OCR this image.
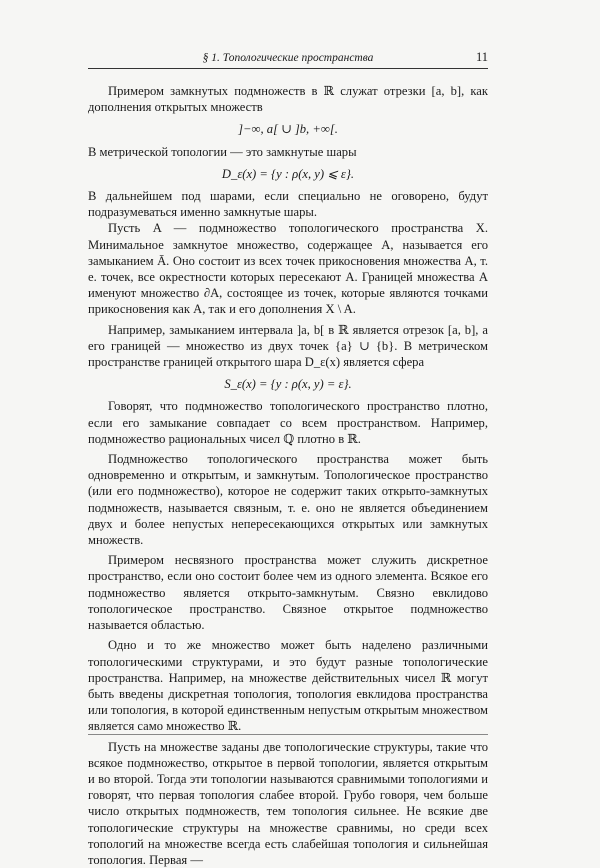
§ 1. Топологические пространства	11

Примером замкнутых подмножеств в ℝ служат отрезки [a, b], как дополнения открытых множеств

]−∞, a[ ∪ ]b, +∞[.

В метрической топологии — это замкнутые шары

D_ε(x) = {y : ρ(x, y) ⩽ ε}.

В дальнейшем под шарами, если специально не оговорено, будут подразумеваться именно замкнутые шары.

Пусть A — подмножество топологического пространства X. Минимальное замкнутое множество, содержащее A, называется его замыканием Ā. Оно состоит из всех точек прикосновения множества A, т. е. точек, все окрестности которых пересекают A. Границей множества A именуют множество ∂A, состоящее из точек, которые являются точками прикосновения как A, так и его дополнения X \ A.

Например, замыканием интервала ]a, b[ в ℝ является отрезок [a, b], а его границей — множество из двух точек {a} ∪ {b}. В метрическом пространстве границей открытого шара D_ε(x) является сфера

S_ε(x) = {y : ρ(x, y) = ε}.

Говорят, что подмножество топологического пространство плотно, если его замыкание совпадает со всем пространством. Например, подмножество рациональных чисел ℚ плотно в ℝ.

Подмножество топологического пространства может быть одновременно и открытым, и замкнутым. Топологическое пространство (или его подмножество), которое не содержит таких открыто-замкнутых подмножеств, называется связным, т. е. оно не является объединением двух и более непустых непересекающихся открытых или замкнутых множеств.

Примером несвязного пространства может служить дискретное пространство, если оно состоит более чем из одного элемента. Всякое его подмножество является открыто-замкнутым. Связно евклидово топологическое пространство. Связное открытое подмножество называется областью.

Одно и то же множество может быть наделено различными топологическими структурами, и это будут разные топологические пространства. Например, на множестве действительных чисел ℝ могут быть введены дискретная топология, топология евклидова пространства или топология, в которой единственным непустым открытым множеством является само множество ℝ.

Пусть на множестве заданы две топологические структуры, такие что всякое подмножество, открытое в первой топологии, является открытым и во второй. Тогда эти топологии называются сравнимыми топологиями и говорят, что первая топология слабее второй. Грубо говоря, чем больше число открытых подмножеств, тем топология сильнее. Не всякие две топологические структуры на множестве сравнимы, но среди всех топологий на множестве всегда есть слабейшая топология и сильнейшая топология. Первая —
